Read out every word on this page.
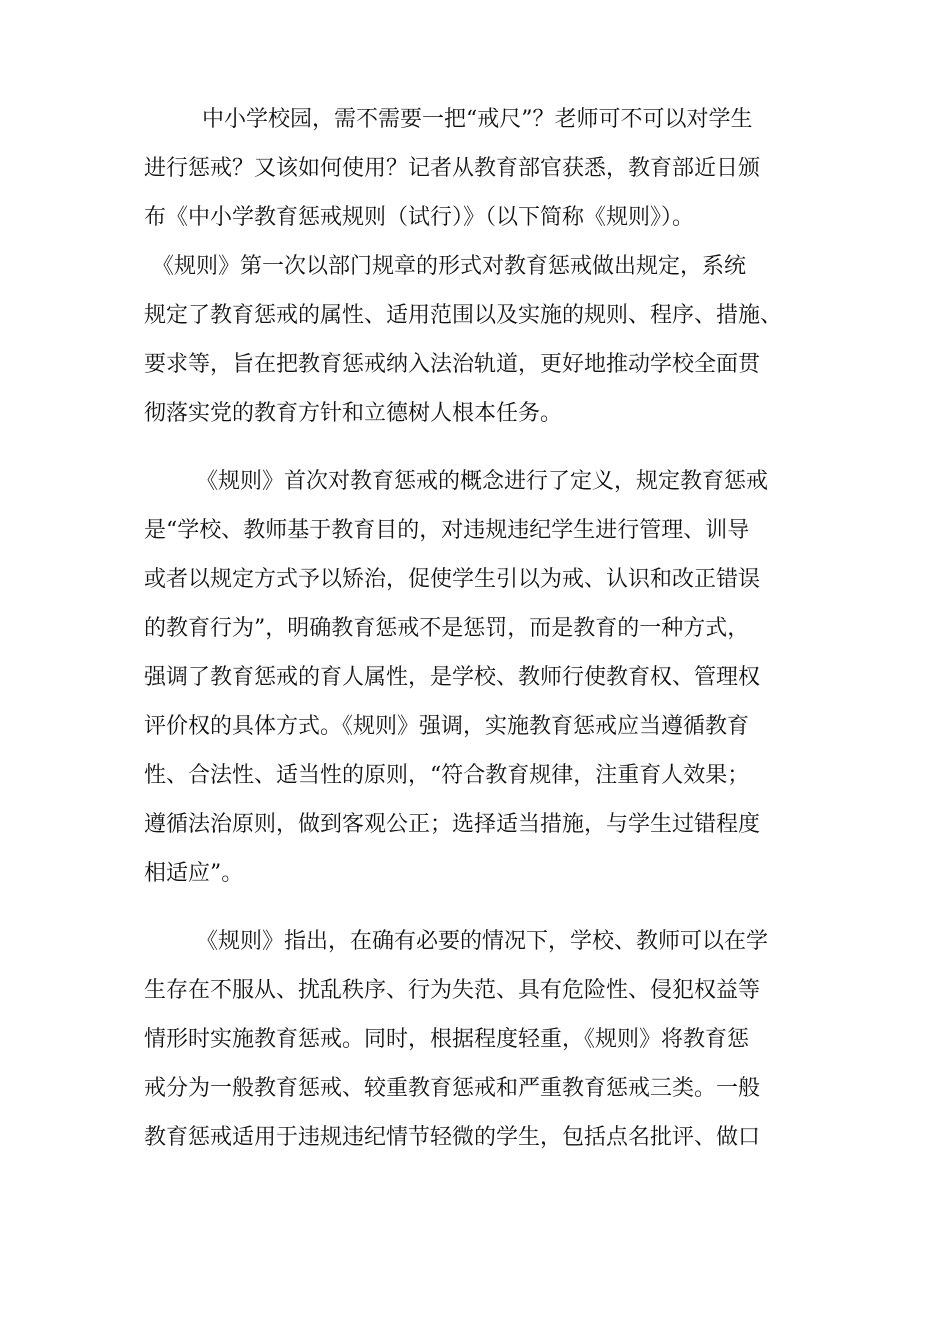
中小学校园，需不需要一把“戒尺”？老师可不可以对学生

进行惩戒？又该如何使用？记者从教育部官获悉，教育部近日颁

布《中小学教育惩戒规则（试行）》（以下简称《规则》）。

《规则》第一次以部门规章的形式对教育惩戒做出规定，系统

规定了教育惩戒的属性、适用范围以及实施的规则、程序、措施、

要求等，旨在把教育惩戒纳入法治轨道，更好地推动学校全面贯

彻落实党的教育方针和立德树人根本任务。

《规则》首次对教育惩戒的概念进行了定义，规定教育惩戒

是“学校、教师基于教育目的，对违规违纪学生进行管理、训导

或者以规定方式予以矫治，促使学生引以为戒、认识和改正错误

的教育行为”，明确教育惩戒不是惩罚，而是教育的一种方式，

强调了教育惩戒的育人属性，是学校、教师行使教育权、管理权

评价权的具体方式。《规则》强调，实施教育惩戒应当遵循教育

性、合法性、适当性的原则，“符合教育规律，注重育人效果；

遵循法治原则，做到客观公正；选择适当措施，与学生过错程度

相适应”。

《规则》指出，在确有必要的情况下，学校、教师可以在学

生存在不服从、扰乱秩序、行为失范、具有危险性、侵犯权益等

情形时实施教育惩戒。同时，根据程度轻重，《规则》将教育惩

戒分为一般教育惩戒、较重教育惩戒和严重教育惩戒三类。一般

教育惩戒适用于违规违纪情节轻微的学生，包括点名批评、做口
